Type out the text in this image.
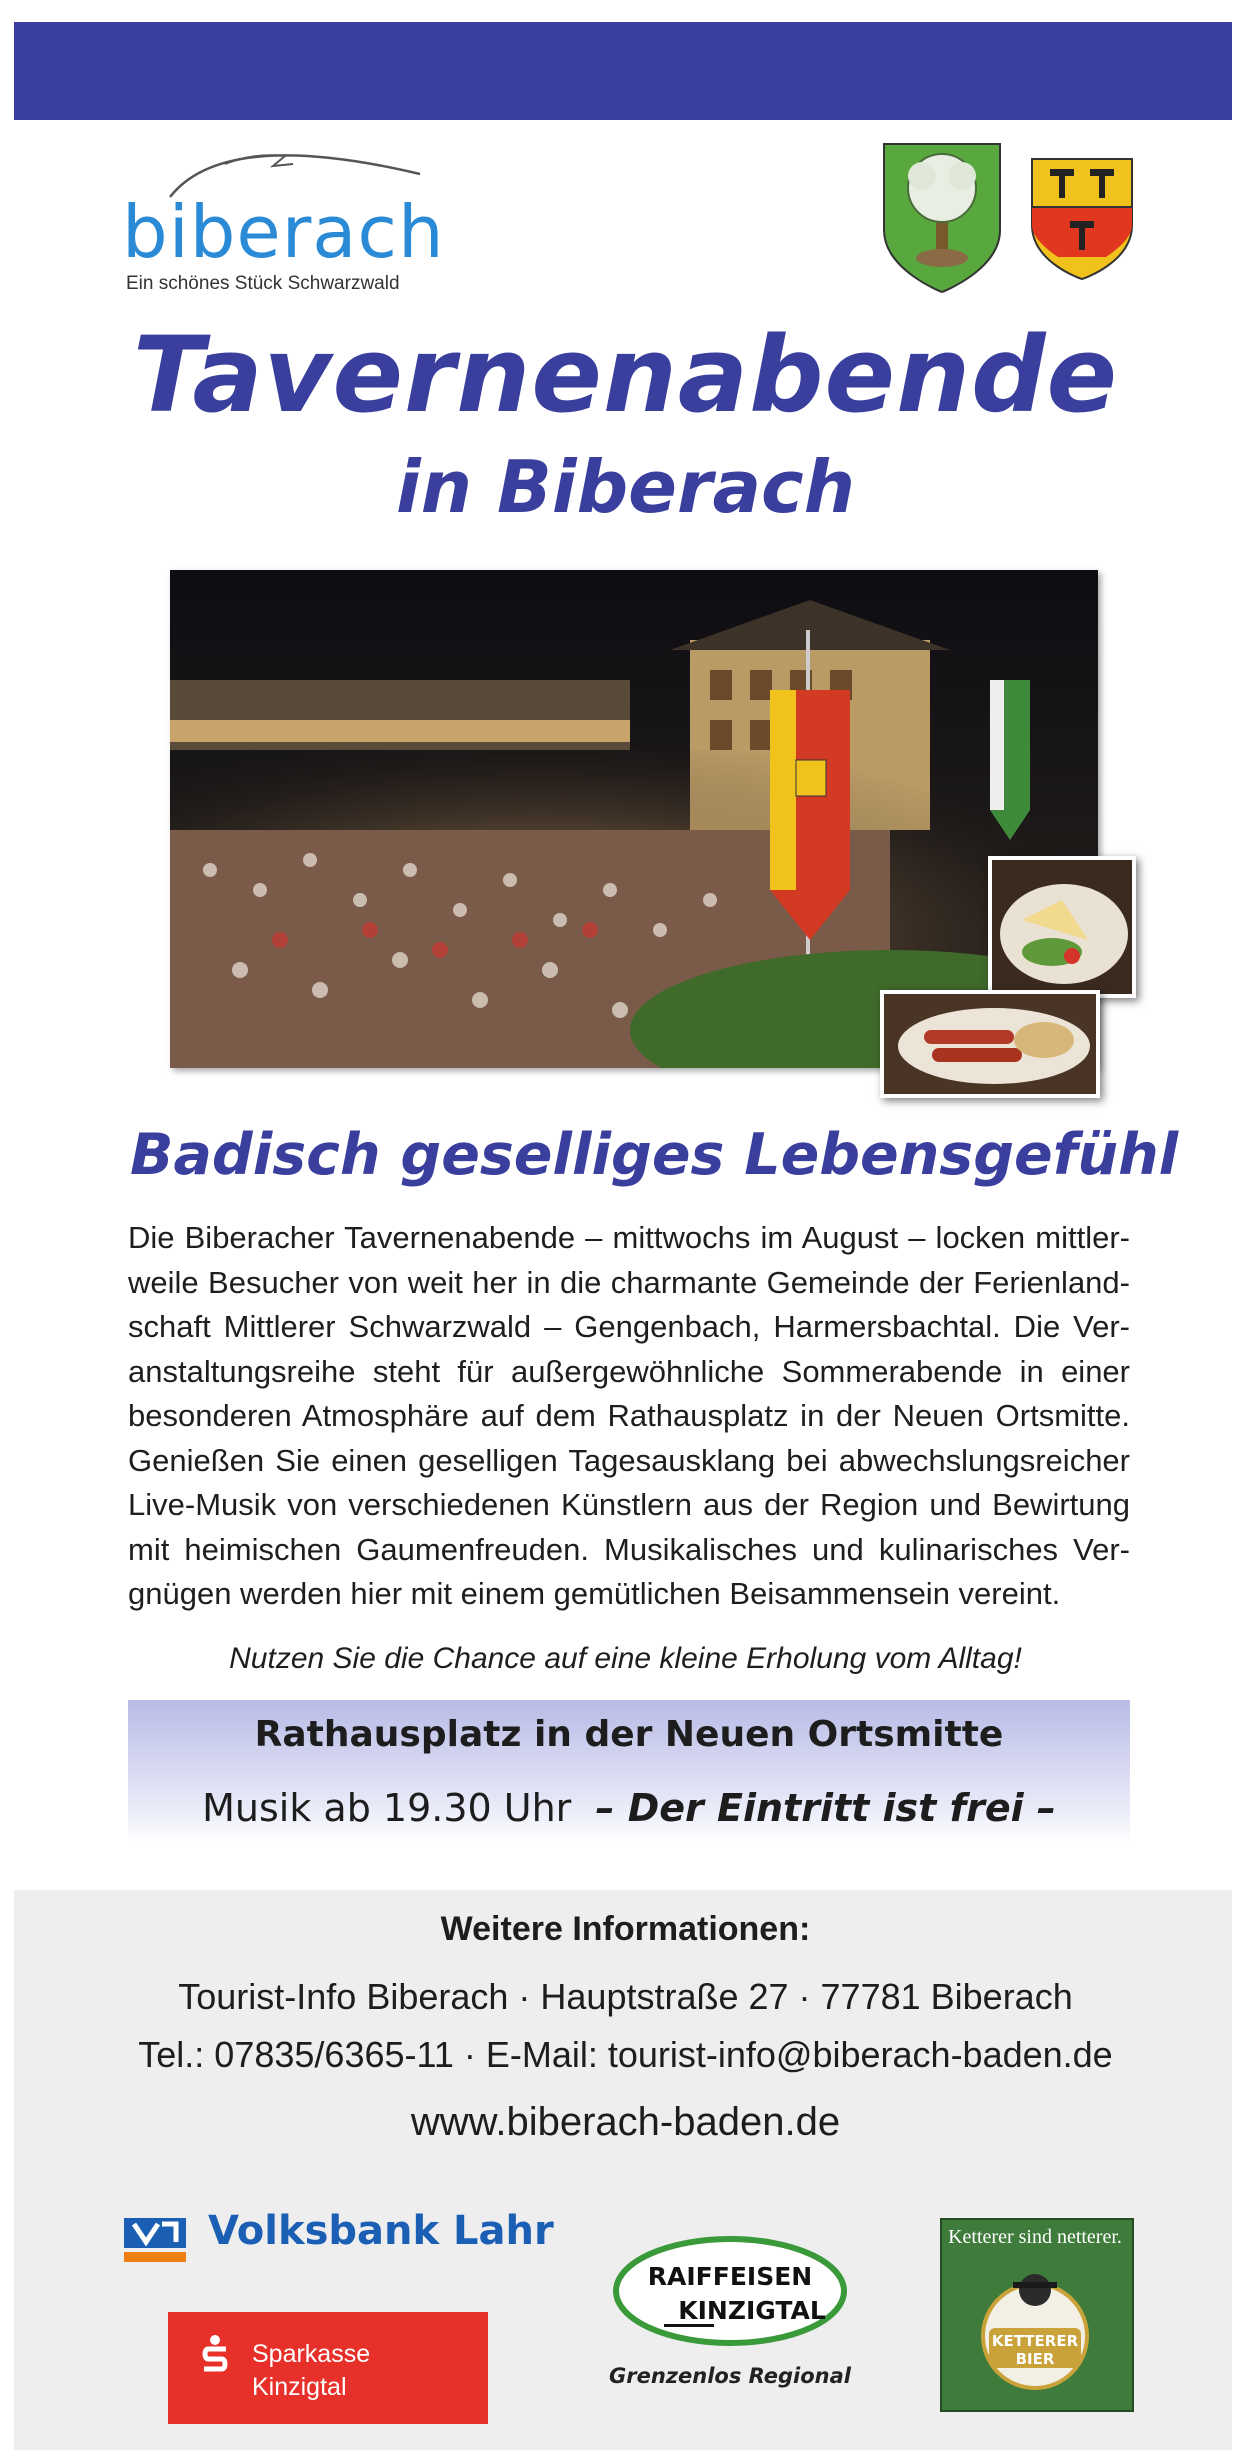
biberach
Ein schönes Stück Schwarzwald
Tavernenabende
in Biberach
Badisch geselliges Lebensgefühl
Die Biberacher Tavernenabende – mittwochs im August – locken mittlerweile Besucher von weit her in die charmante Gemeinde der Ferienlandschaft Mittlerer Schwarzwald – Gengenbach, Harmersbachtal. Die Veranstaltungsreihe steht für außergewöhnliche Sommerabende in einer besonderen Atmosphäre auf dem Rathausplatz in der Neuen Ortsmitte. Genießen Sie einen geselligen Tagesausklang bei abwechslungsreicher Live-Musik von verschiedenen Künstlern aus der Region und Bewirtung mit heimischen Gaumenfreuden. Musikalisches und kulinarisches Vergnügen werden hier mit einem gemütlichen Beisammensein vereint.
Nutzen Sie die Chance auf eine kleine Erholung vom Alltag!
Rathausplatz in der Neuen Ortsmitte
Musik ab 19.30 Uhr – Der Eintritt ist frei –
Weitere Informationen:
Tourist-Info Biberach · Hauptstraße 27 · 77781 Biberach
Tel.: 07835/6365-11 · E-Mail: tourist-info@biberach-baden.de
www.biberach-baden.de
Volksbank Lahr
Sparkasse
Kinzigtal
RAIFFEISEN
KINZIGTAL
Grenzenlos Regional
Ketterer sind netterer.
KETTERER
BIER
